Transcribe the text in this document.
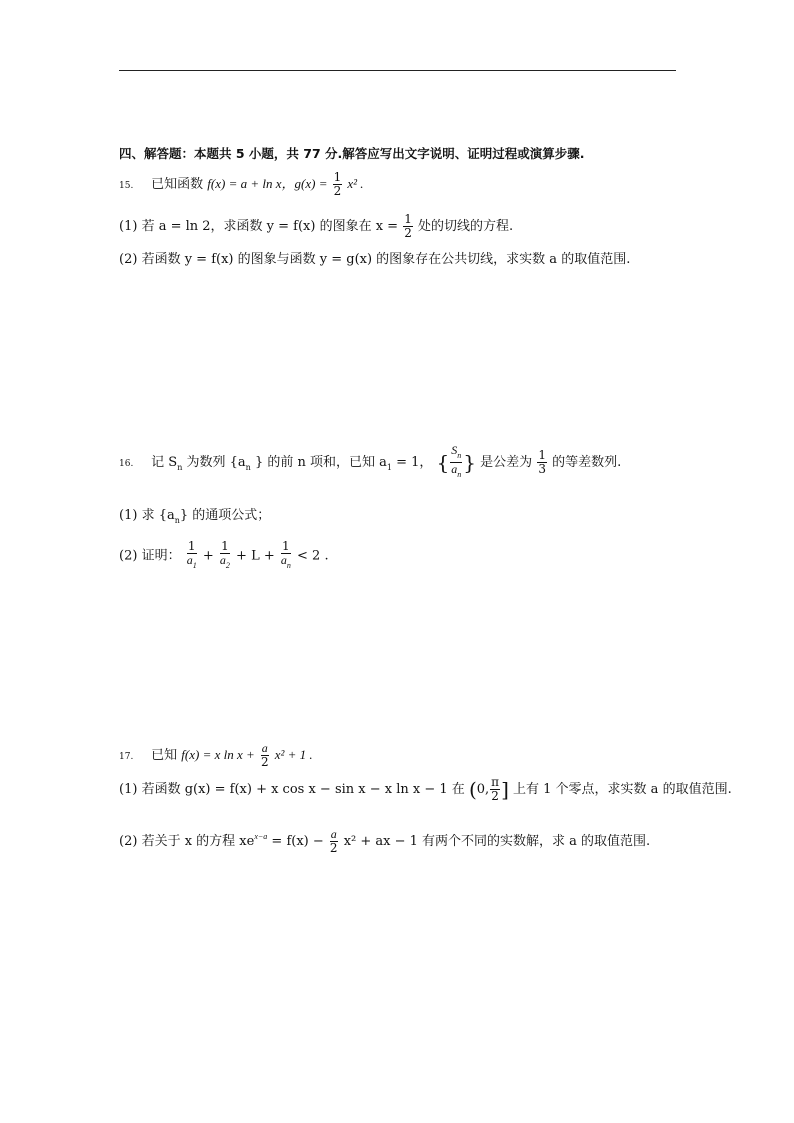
四、解答题：本题共 5 小题，共 77 分.解答应写出文字说明、证明过程或演算步骤.
15. 已知函数 f(x) = a + ln x，$g(x) = \frac{1}{2} x^2$ .
(1) 若 a = ln 2，求函数 y = f(x) 的图象在 $x = \frac{1}{2}$ 处的切线的方程.
(2) 若函数 y = f(x) 的图象与函数 y = g(x) 的图象存在公共切线，求实数 a 的取值范围.
16. 记 $S_n$ 为数列 {$a_n$ } 的前 n 项和，已知 $a_1 = 1$， { $\frac{S_n}{a_n}$ } 是公差为 $\frac{1}{3}$ 的等差数列.
(1) 求 $\{a_n\}$ 的通项公式；
(2) 证明： $\frac{1}{a_1} + \frac{1}{a_2} + L + \frac{1}{a_n} < 2$ .
17. 已知 f(x) = x $\ln x + \frac{a}{2} x^2 + 1$ .
(1) 若函数 g(x) = f(x) + x cos x − sin x − x ln x − 1 在 (0, $\frac{\pi}{2}$ ] 上有 1 个零点，求实数 a 的取值范围.
(2) 若关于 x 的方程 $xe^{x-a} = f(x) - \frac{a}{2} x^2$ + ax − 1 有两个不同的实数解，求 a 的取值范围.
